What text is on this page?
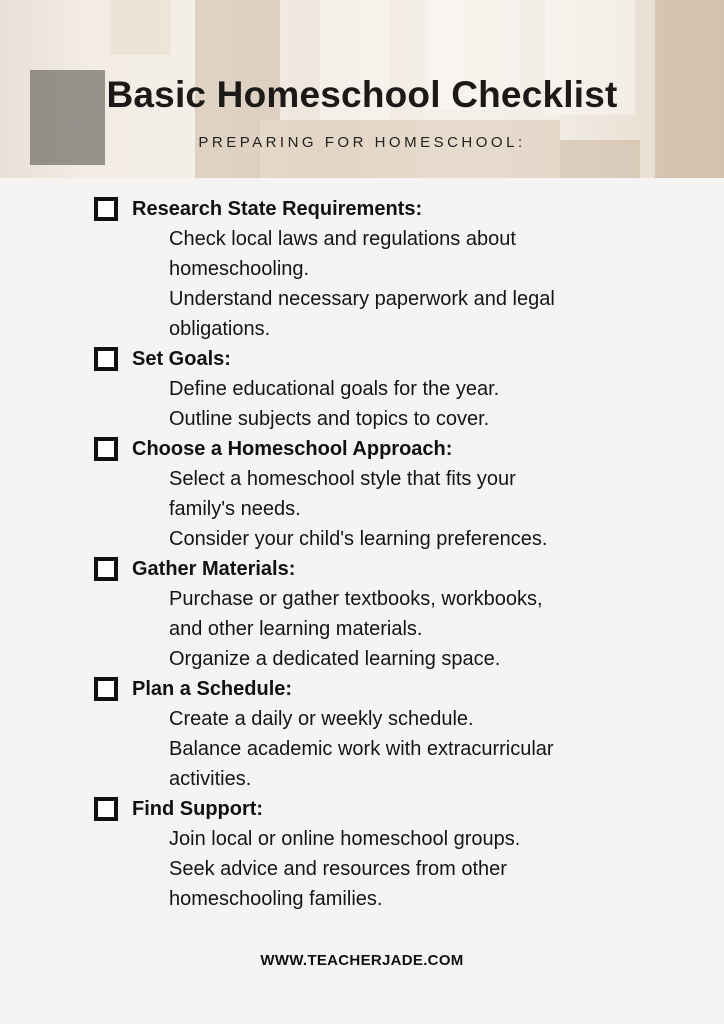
Basic Homeschool Checklist
PREPARING FOR HOMESCHOOL:
Research State Requirements:
Check local laws and regulations about
homeschooling.
Understand necessary paperwork and legal
obligations.
Set Goals:
Define educational goals for the year.
Outline subjects and topics to cover.
Choose a Homeschool Approach:
Select a homeschool style that fits your
family's needs.
Consider your child's learning preferences.
Gather Materials:
Purchase or gather textbooks, workbooks,
and other learning materials.
Organize a dedicated learning space.
Plan a Schedule:
Create a daily or weekly schedule.
Balance academic work with extracurricular
activities.
Find Support:
Join local or online homeschool groups.
Seek advice and resources from other
homeschooling families.
WWW.TEACHERJADE.COM
